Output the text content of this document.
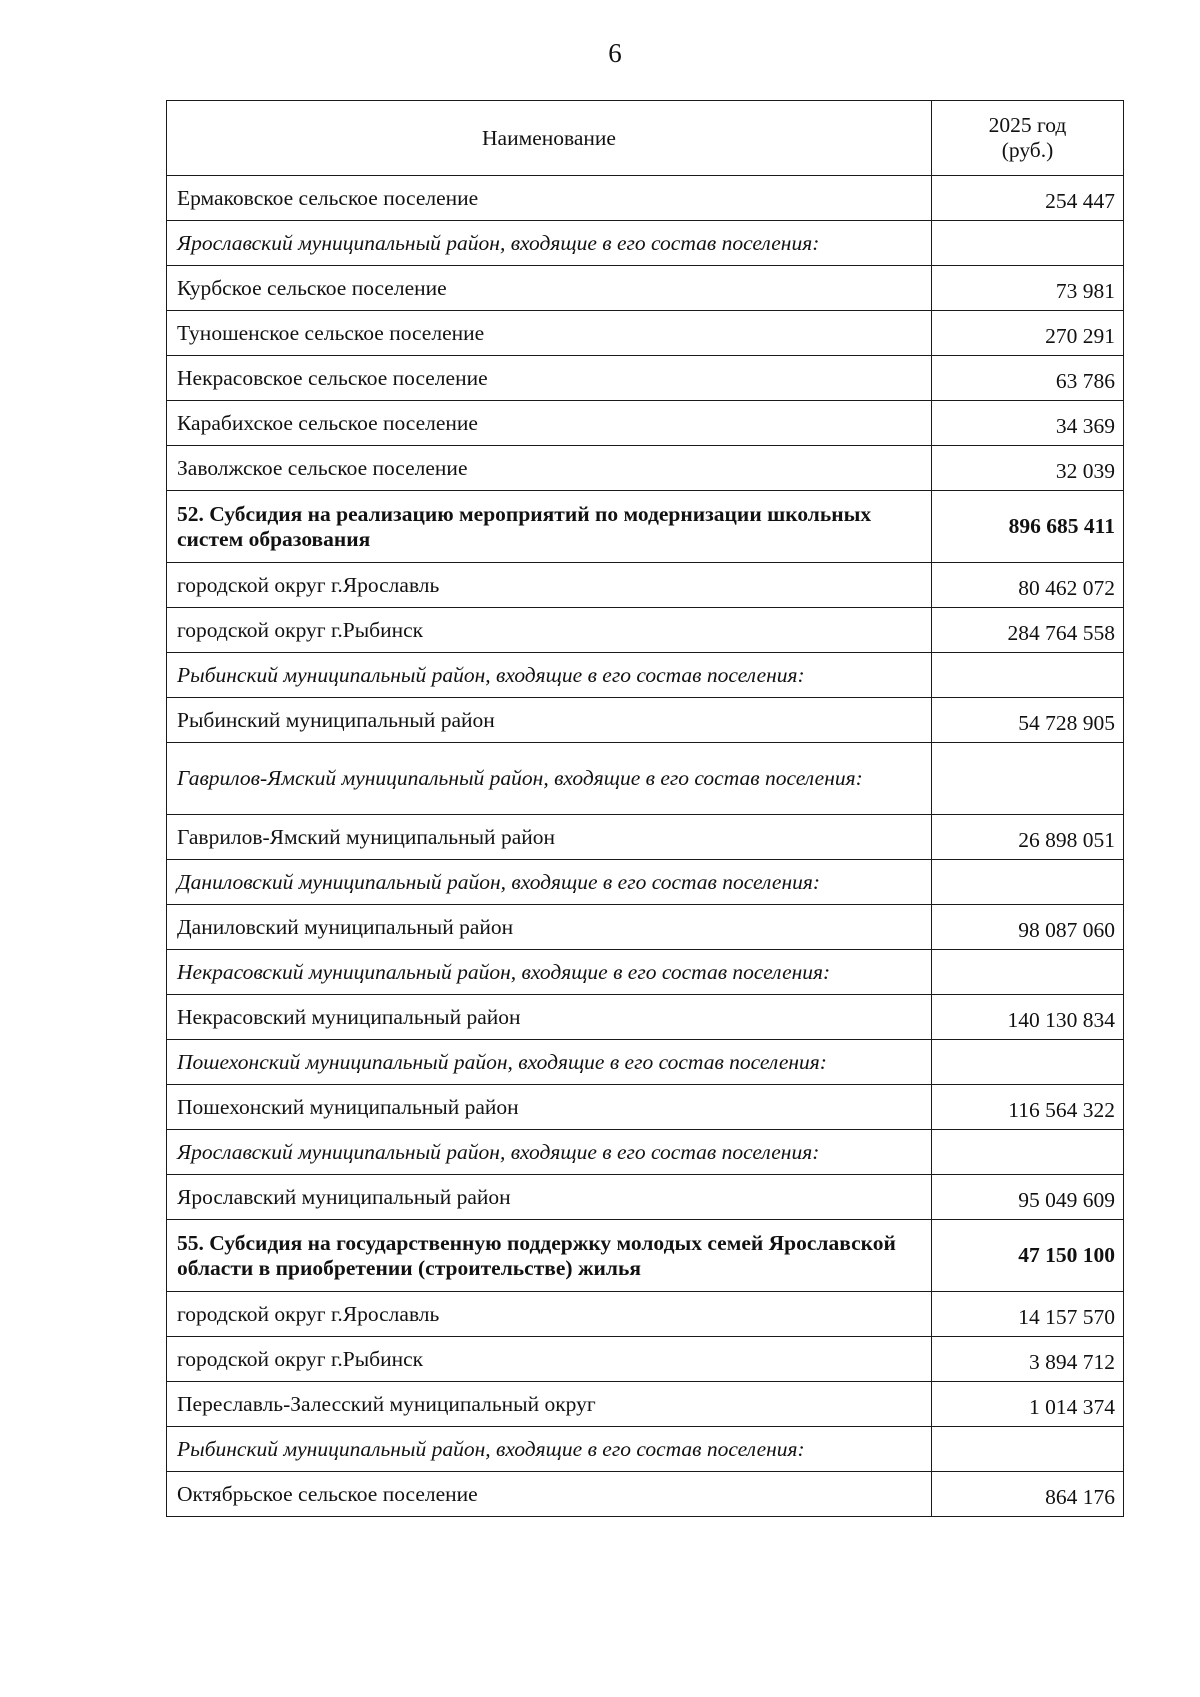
6
Наименование	2025 год
(руб.)
Ермаковское сельское поселение	254 447
Ярославский муниципальный район, входящие в его состав поселения:	
Курбское сельское поселение	73 981
Туношенское сельское поселение	270 291
Некрасовское сельское поселение	63 786
Карабихское сельское поселение	34 369
Заволжское сельское поселение	32 039
52. Субсидия на реализацию мероприятий по модернизации школьных систем образования	896 685 411
городской округ г.Ярославль	80 462 072
городской округ г.Рыбинск	284 764 558
Рыбинский муниципальный район, входящие в его состав поселения:	
Рыбинский муниципальный район	54 728 905
Гаврилов-Ямский муниципальный район, входящие в его состав поселения:	
Гаврилов-Ямский муниципальный район	26 898 051
Даниловский муниципальный район, входящие в его состав поселения:	
Даниловский муниципальный район	98 087 060
Некрасовский муниципальный район, входящие в его состав поселения:	
Некрасовский муниципальный район	140 130 834
Пошехонский муниципальный район, входящие в его состав поселения:	
Пошехонский муниципальный район	116 564 322
Ярославский муниципальный район, входящие в его состав поселения:	
Ярославский муниципальный район	95 049 609
55. Субсидия на государственную поддержку молодых семей Ярославской области в приобретении (строительстве) жилья	47 150 100
городской округ г.Ярославль	14 157 570
городской округ г.Рыбинск	3 894 712
Переславль-Залесский муниципальный округ	1 014 374
Рыбинский муниципальный район, входящие в его состав поселения:	
Октябрьское сельское поселение	864 176
